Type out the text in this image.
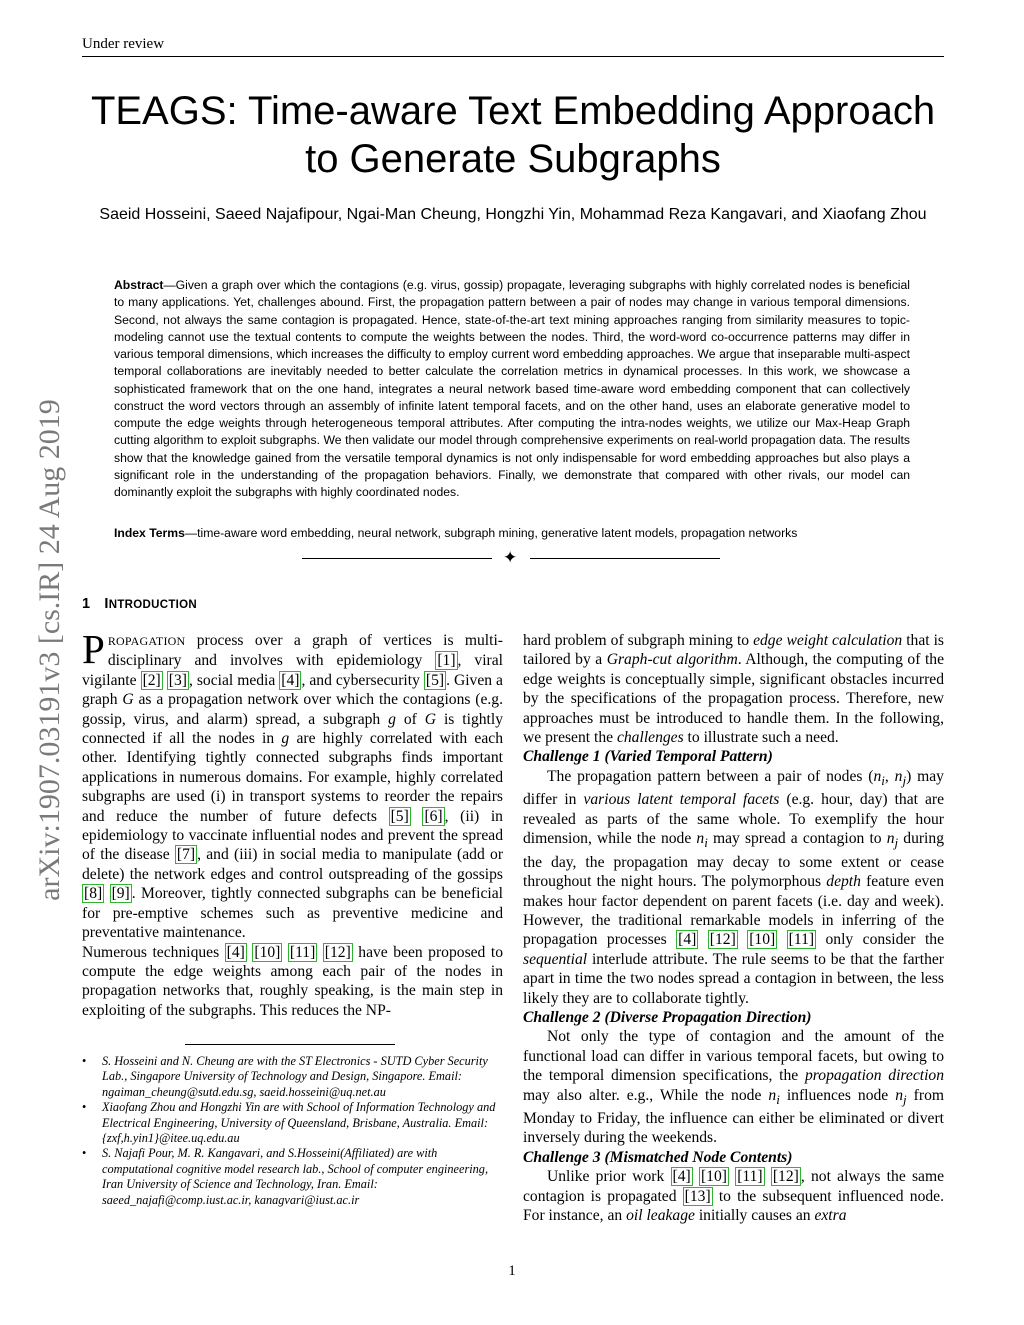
Under review
arXiv:1907.03191v3 [cs.IR] 24 Aug 2019
TEAGS: Time-aware Text Embedding Approach to Generate Subgraphs
Saeid Hosseini, Saeed Najafipour, Ngai-Man Cheung, Hongzhi Yin, Mohammad Reza Kangavari, and Xiaofang Zhou
Abstract—Given a graph over which the contagions (e.g. virus, gossip) propagate, leveraging subgraphs with highly correlated nodes is beneficial to many applications. Yet, challenges abound. First, the propagation pattern between a pair of nodes may change in various temporal dimensions. Second, not always the same contagion is propagated. Hence, state-of-the-art text mining approaches ranging from similarity measures to topic-modeling cannot use the textual contents to compute the weights between the nodes. Third, the word-word co-occurrence patterns may differ in various temporal dimensions, which increases the difficulty to employ current word embedding approaches. We argue that inseparable multi-aspect temporal collaborations are inevitably needed to better calculate the correlation metrics in dynamical processes. In this work, we showcase a sophisticated framework that on the one hand, integrates a neural network based time-aware word embedding component that can collectively construct the word vectors through an assembly of infinite latent temporal facets, and on the other hand, uses an elaborate generative model to compute the edge weights through heterogeneous temporal attributes. After computing the intra-nodes weights, we utilize our Max-Heap Graph cutting algorithm to exploit subgraphs. We then validate our model through comprehensive experiments on real-world propagation data. The results show that the knowledge gained from the versatile temporal dynamics is not only indispensable for word embedding approaches but also plays a significant role in the understanding of the propagation behaviors. Finally, we demonstrate that compared with other rivals, our model can dominantly exploit the subgraphs with highly coordinated nodes.
Index Terms—time-aware word embedding, neural network, subgraph mining, generative latent models, propagation networks
✦
1 INTRODUCTION

PROPAGATION process over a graph of vertices is multi-disciplinary and involves with epidemiology [1] , viral vigilante [2] [3] , social media [4] , and cybersecurity [5] . Given a graph G as a propagation network over which the contagions (e.g. gossip, virus, and alarm) spread, a subgraph g of G is tightly connected if all the nodes in g are highly correlated with each other. Identifying tightly connected subgraphs finds important applications in numerous domains. For example, highly correlated subgraphs are used (i) in transport systems to reorder the repairs and reduce the number of future defects [5] [6] , (ii) in epidemiology to vaccinate influential nodes and prevent the spread of the disease [7] , and (iii) in social media to manipulate (add or delete) the network edges and control outspreading of the gossips [8] [9] . Moreover, tightly connected subgraphs can be beneficial for pre-emptive schemes such as preventive medicine and preventative maintenance.

Numerous techniques [4] [10] [11] [12] have been proposed to compute the edge weights among each pair of the nodes in propagation networks that, roughly speaking, is the main step in exploiting of the subgraphs. This reduces the NP-

• S. Hosseini and N. Cheung are with the ST Electronics - SUTD Cyber Security Lab., Singapore University of Technology and Design, Singapore. Email: ngaiman_cheung@sutd.edu.sg, saeid.hosseini@uq.net.au
• Xiaofang Zhou and Hongzhi Yin are with School of Information Technology and Electrical Engineering, University of Queensland, Brisbane, Australia. Email: {zxf,h.yin1}@itee.uq.edu.au
• S. Najafi Pour, M. R. Kangavari, and S.Hosseini(Affiliated) are with computational cognitive model research lab., School of computer engineering, Iran University of Science and Technology, Iran. Email: saeed_najafi@comp.iust.ac.ir, kanagvari@iust.ac.ir

hard problem of subgraph mining to edge weight calculation that is tailored by a Graph-cut algorithm. Although, the computing of the edge weights is conceptually simple, significant obstacles incurred by the specifications of the propagation process. Therefore, new approaches must be introduced to handle them. In the following, we present the challenges to illustrate such a need.

Challenge 1 (Varied Temporal Pattern)

The propagation pattern between a pair of nodes ($n_i$, $n_j$) may differ in various latent temporal facets (e.g. hour, day) that are revealed as parts of the same whole. To exemplify the hour dimension, while the node $n_i$ may spread a contagion to $n_j$ during the day, the propagation may decay to some extent or cease throughout the night hours. The polymorphous depth feature even makes hour factor dependent on parent facets (i.e. day and week). However, the traditional remarkable models in inferring of the propagation processes [4] [12] [10] [11] only consider the sequential interlude attribute. The rule seems to be that the farther apart in time the two nodes spread a contagion in between, the less likely they are to collaborate tightly.

Challenge 2 (Diverse Propagation Direction)

Not only the type of contagion and the amount of the functional load can differ in various temporal facets, but owing to the temporal dimension specifications, the propagation direction may also alter. e.g., While the node $n_i$ influences node $n_j$ from Monday to Friday, the influence can either be eliminated or divert inversely during the weekends.

Challenge 3 (Mismatched Node Contents)

Unlike prior work [4] [10] [11] [12] , not always the same contagion is propagated [13] to the subsequent influenced node. For instance, an oil leakage initially causes an extra

1
